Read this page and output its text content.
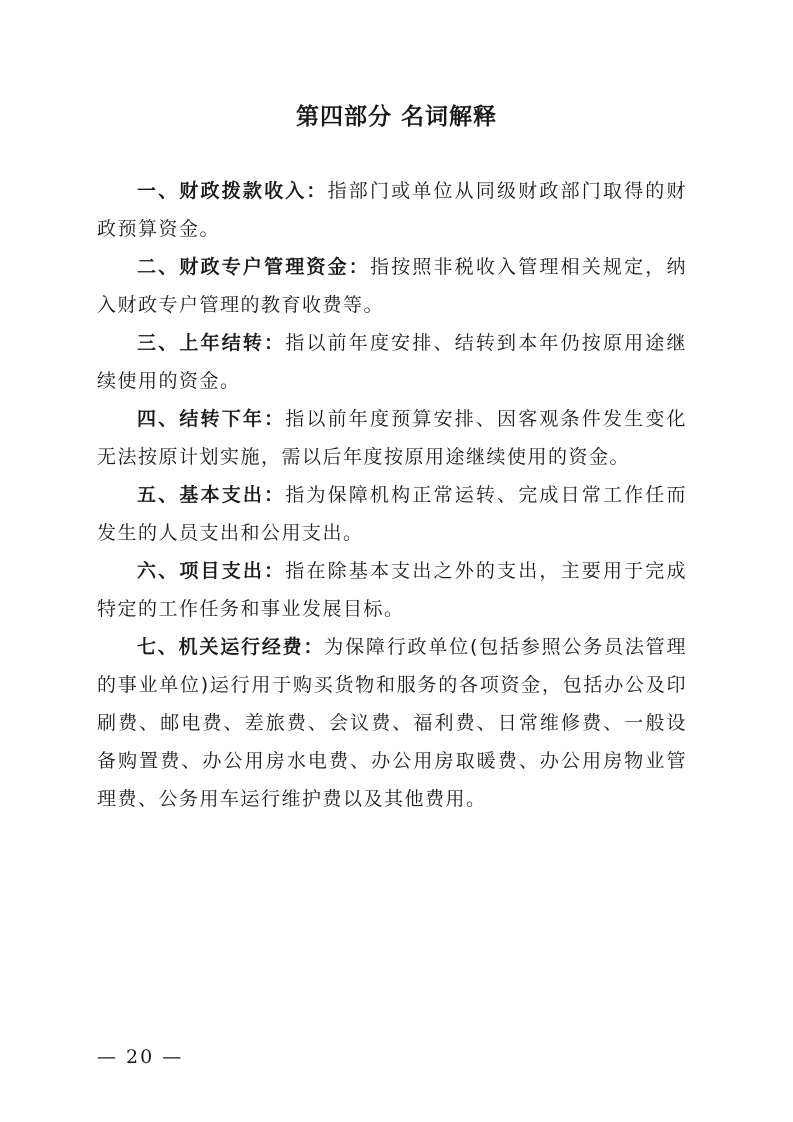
第四部分 名词解释

一、财政拨款收入：指部门或单位从同级财政部门取得的财政预算资金。

二、财政专户管理资金：指按照非税收入管理相关规定，纳入财政专户管理的教育收费等。

三、上年结转：指以前年度安排、结转到本年仍按原用途继续使用的资金。

四、结转下年：指以前年度预算安排、因客观条件发生变化无法按原计划实施，需以后年度按原用途继续使用的资金。

五、基本支出：指为保障机构正常运转、完成日常工作任而发生的人员支出和公用支出。

六、项目支出：指在除基本支出之外的支出，主要用于完成特定的工作任务和事业发展目标。

七、机关运行经费：为保障行政单位(包括参照公务员法管理的事业单位)运行用于购买货物和服务的各项资金，包括办公及印刷费、邮电费、差旅费、会议费、福利费、日常维修费、一般设备购置费、办公用房水电费、办公用房取暖费、办公用房物业管理费、公务用车运行维护费以及其他费用。

— 20 —
